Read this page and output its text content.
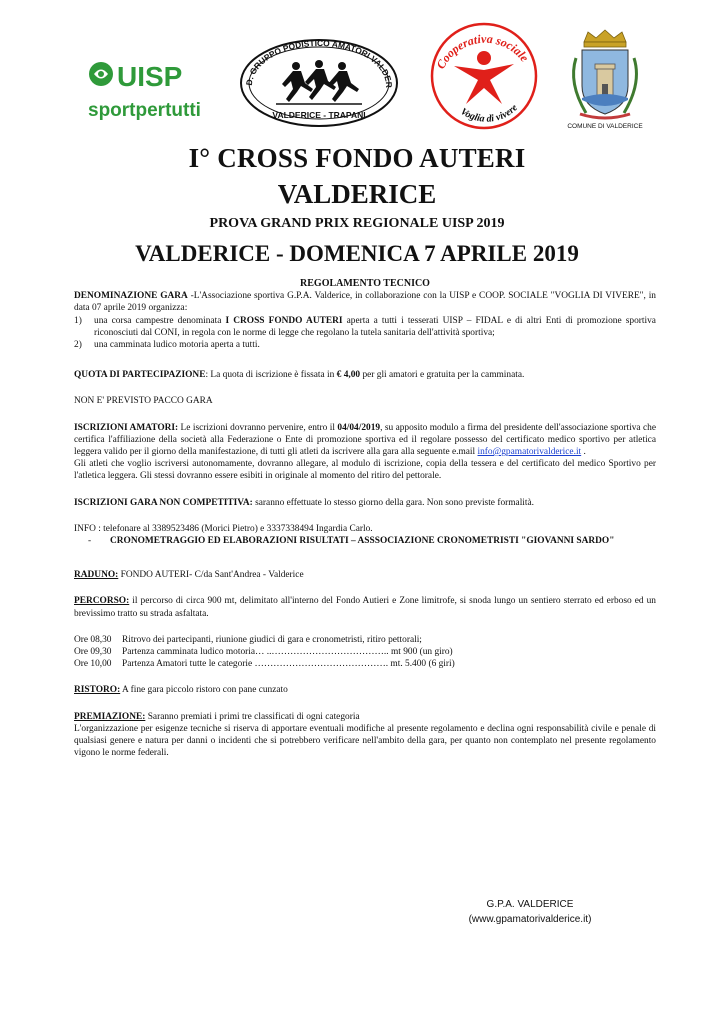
UISP
sportpertutti
D. GRUPPO PODISTICO AMATORI VALDER
VALDERICE - TRAPANI
Cooperativa sociale
Voglia di vivere
COMUNE DI VALDERICE
I° CROSS FONDO AUTERI
VALDERICE
PROVA GRAND PRIX REGIONALE UISP 2019
VALDERICE - DOMENICA 7 APRILE 2019

REGOLAMENTO TECNICO

DENOMINAZIONE GARA -L'Associazione sportiva G.P.A. Valderice, in collaborazione con la UISP e COOP. SOCIALE "VOGLIA DI VIVERE", in data 07 aprile 2019 organizza:

1)	una corsa campestre denominata I CROSS FONDO AUTERI aperta a tutti i tesserati UISP – FIDAL e di altri Enti di promozione sportiva riconosciuti dal CONI, in regola con le norme di legge che regolano la tutela sanitaria dell'attività sportiva;
2)	una camminata ludico motoria aperta a tutti.

QUOTA DI PARTECIPAZIONE: La quota di iscrizione è fissata in € 4,00 per gli amatori e gratuita per la camminata.

NON E' PREVISTO PACCO GARA

ISCRIZIONI AMATORI: Le iscrizioni dovranno pervenire, entro il 04/04/2019, su apposito modulo a firma del presidente dell'associazione sportiva che certifica l'affiliazione della società alla Federazione o Ente di promozione sportiva ed il regolare possesso del certificato medico sportivo per atletica leggera valido per il giorno della manifestazione, di tutti gli atleti da iscrivere alla gara alla seguente e.mail info@gpamatorivalderice.it .

Gli atleti che voglio iscriversi autonomamente, dovranno allegare, al modulo di iscrizione, copia della tessera e del certificato del medico Sportivo per l'atletica leggera. Gli stessi dovranno essere esibiti in originale al momento del ritiro del pettorale.

ISCRIZIONI GARA NON COMPETITIVA: saranno effettuate lo stesso giorno della gara. Non sono previste formalità.

INFO : telefonare al 3389523486 (Morici Pietro) e 3337338494 Ingardia Carlo.

-	CRONOMETRAGGIO ED ELABORAZIONI RISULTATI – ASSSOCIAZIONE CRONOMETRISTI "GIOVANNI SARDO"

RADUNO: FONDO AUTERI- C/da Sant'Andrea - Valderice

PERCORSO: il percorso di circa 900 mt, delimitato all'interno del Fondo Autieri e Zone limitrofe, si snoda lungo un sentiero sterrato ed erboso ed un brevissimo tratto su strada asfaltata.

Ore 08,30	Ritrovo dei partecipanti, riunione giudici di gara e cronometristi, ritiro pettorali;
Ore 09,30	Partenza camminata ludico motoria… ..……………………………….. mt 900 (un giro)
Ore 10,00	Partenza Amatori tutte le categorie ……………………………………. mt. 5.400 (6 giri)

RISTORO: A fine gara piccolo ristoro con pane cunzato

PREMIAZIONE: Saranno premiati i primi tre classificati di ogni categoria

L'organizzazione per esigenze tecniche si riserva di apportare eventuali modifiche al presente regolamento e declina ogni responsabilità civile e penale di qualsiasi genere e natura per danni o incidenti che si potrebbero verificare nell'ambito della gara, per quanto non contemplato nel presente regolamento vigono le norme federali.

G.P.A. VALDERICE
(www.gpamatorivalderice.it)
